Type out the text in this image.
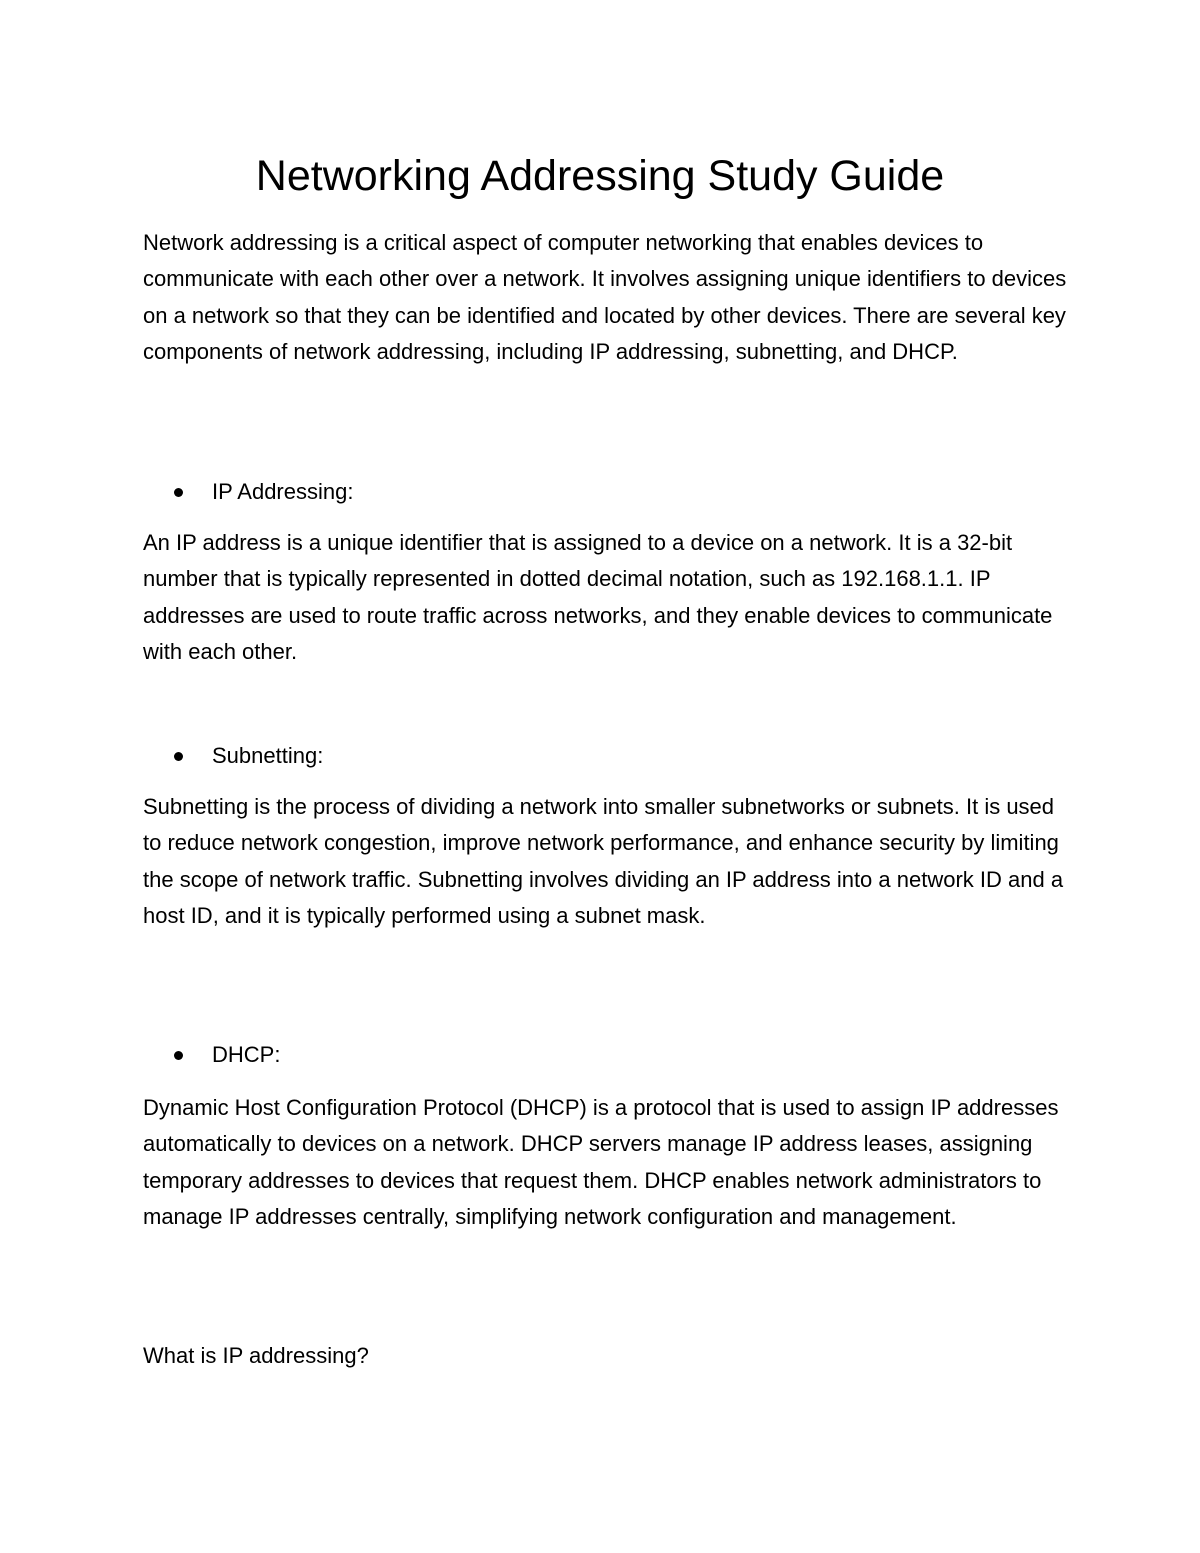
Networking Addressing Study Guide

Network addressing is a critical aspect of computer networking that enables devices to communicate with each other over a network. It involves assigning unique identifiers to devices on a network so that they can be identified and located by other devices. There are several key components of network addressing, including IP addressing, subnetting, and DHCP.

IP Addressing:

An IP address is a unique identifier that is assigned to a device on a network. It is a 32-bit number that is typically represented in dotted decimal notation, such as 192.168.1.1. IP addresses are used to route traffic across networks, and they enable devices to communicate with each other.

Subnetting:

Subnetting is the process of dividing a network into smaller subnetworks or subnets. It is used to reduce network congestion, improve network performance, and enhance security by limiting the scope of network traffic. Subnetting involves dividing an IP address into a network ID and a host ID, and it is typically performed using a subnet mask.

DHCP:

Dynamic Host Configuration Protocol (DHCP) is a protocol that is used to assign IP addresses automatically to devices on a network. DHCP servers manage IP address leases, assigning temporary addresses to devices that request them. DHCP enables network administrators to manage IP addresses centrally, simplifying network configuration and management.

What is IP addressing?
